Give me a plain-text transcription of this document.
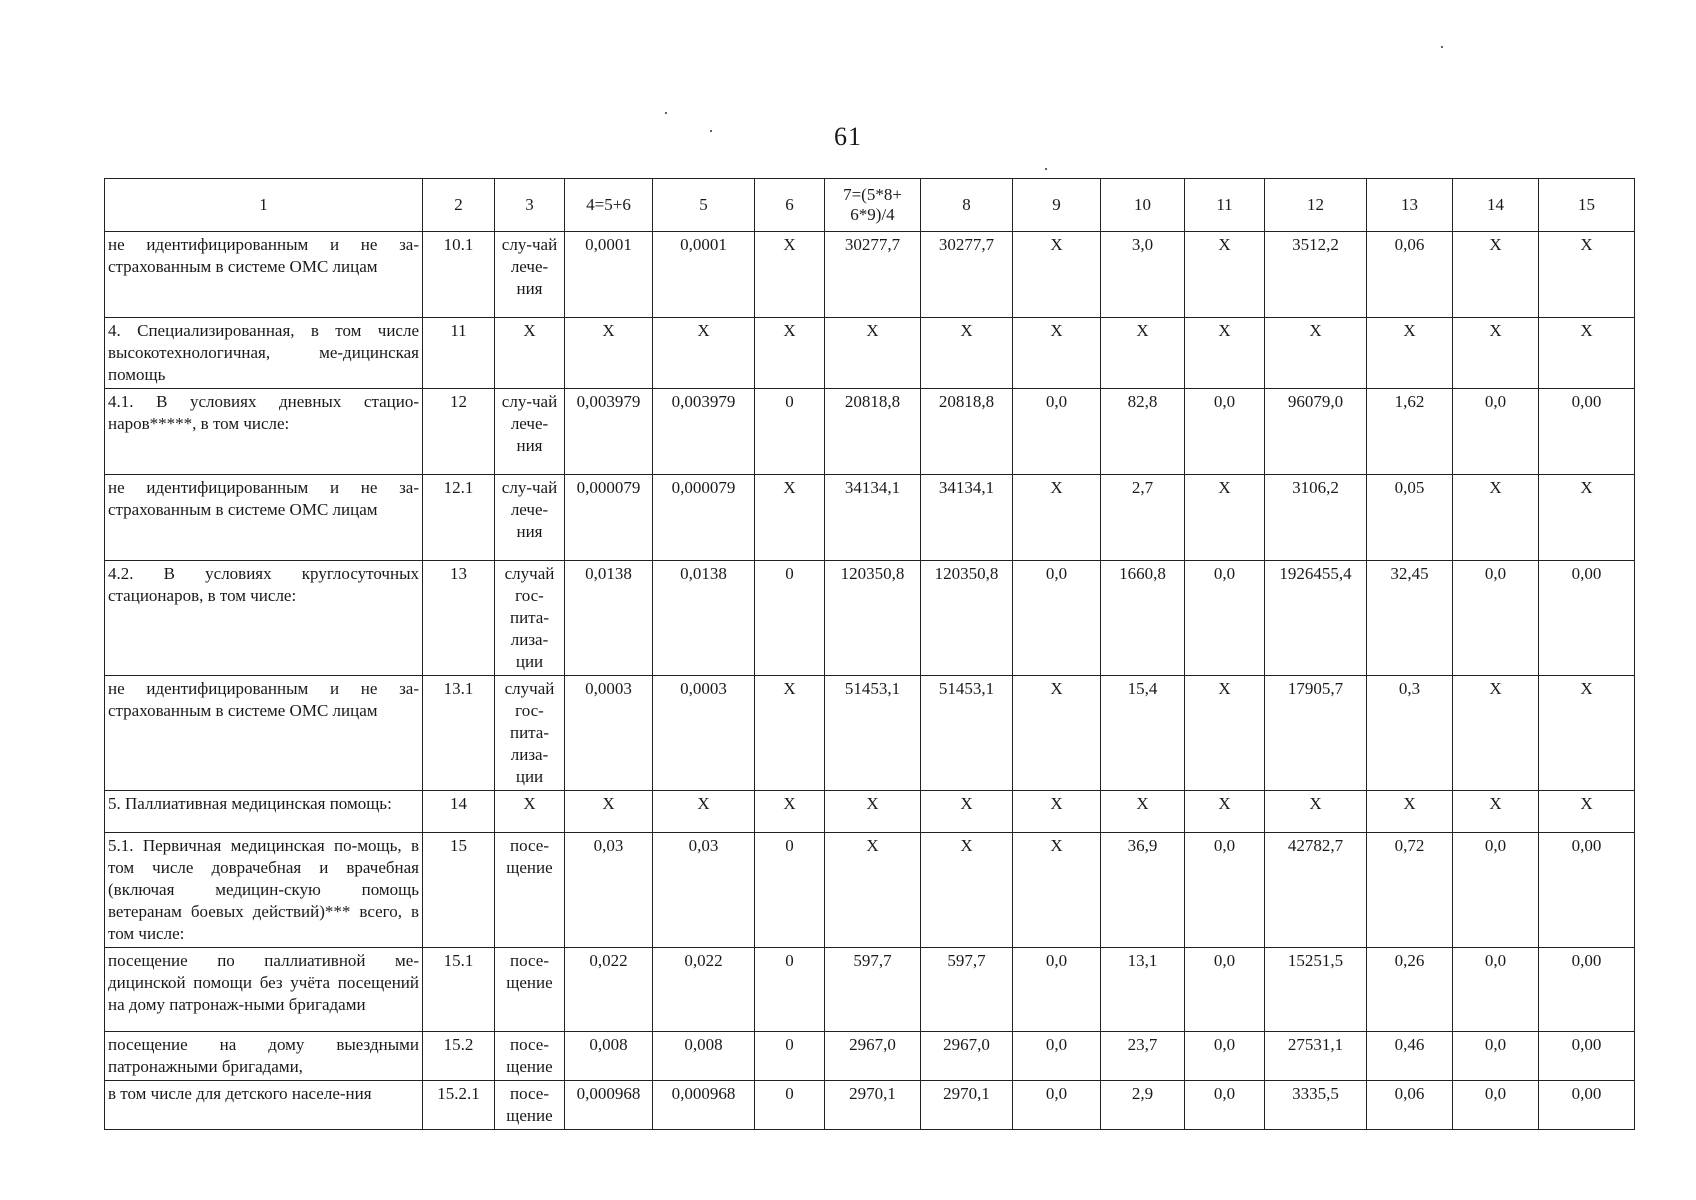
61
1	2	3	4=5+6	5	6	7=(5*8+
6*9)/4	8	9	10	11	12	13	14	15
не идентифицированным и не за-страхованным в системе ОМС лицам	10.1	слу-чай лече-ния	0,0001	0,0001	Х	30277,7	30277,7	Х	3,0	Х	3512,2	0,06	Х	Х
4. Специализированная, в том числе высокотехнологичная, ме-дицинская помощь	11	Х	Х	Х	Х	Х	Х	Х	Х	Х	Х	Х	Х	Х
4.1. В условиях дневных стацио-наров*****, в том числе:	12	слу-чай лече-ния	0,003979	0,003979	0	20818,8	20818,8	0,0	82,8	0,0	96079,0	1,62	0,0	0,00
не идентифицированным и не за-страхованным в системе ОМС лицам	12.1	слу-чай лече-ния	0,000079	0,000079	Х	34134,1	34134,1	Х	2,7	Х	3106,2	0,05	Х	Х
4.2. В условиях круглосуточных стационаров, в том числе:	13	случай гос-пита-лиза-ции	0,0138	0,0138	0	120350,8	120350,8	0,0	1660,8	0,0	1926455,4	32,45	0,0	0,00
не идентифицированным и не за-страхованным в системе ОМС лицам	13.1	случай гос-пита-лиза-ции	0,0003	0,0003	Х	51453,1	51453,1	Х	15,4	Х	17905,7	0,3	Х	Х
5. Паллиативная медицинская помощь:	14	Х	Х	Х	Х	Х	Х	Х	Х	Х	Х	Х	Х	Х
5.1. Первичная медицинская по-мощь, в том числе доврачебная и врачебная (включая медицин-скую помощь ветеранам боевых действий)*** всего, в том числе:	15	посе-щение	0,03	0,03	0	Х	Х	Х	36,9	0,0	42782,7	0,72	0,0	0,00
посещение по паллиативной ме-дицинской помощи без учёта посещений на дому патронаж-ными бригадами	15.1	посе-щение	0,022	0,022	0	597,7	597,7	0,0	13,1	0,0	15251,5	0,26	0,0	0,00
посещение на дому выездными патронажными бригадами,	15.2	посе-щение	0,008	0,008	0	2967,0	2967,0	0,0	23,7	0,0	27531,1	0,46	0,0	0,00
в том числе для детского населе-ния	15.2.1	посе-щение	0,000968	0,000968	0	2970,1	2970,1	0,0	2,9	0,0	3335,5	0,06	0,0	0,00
